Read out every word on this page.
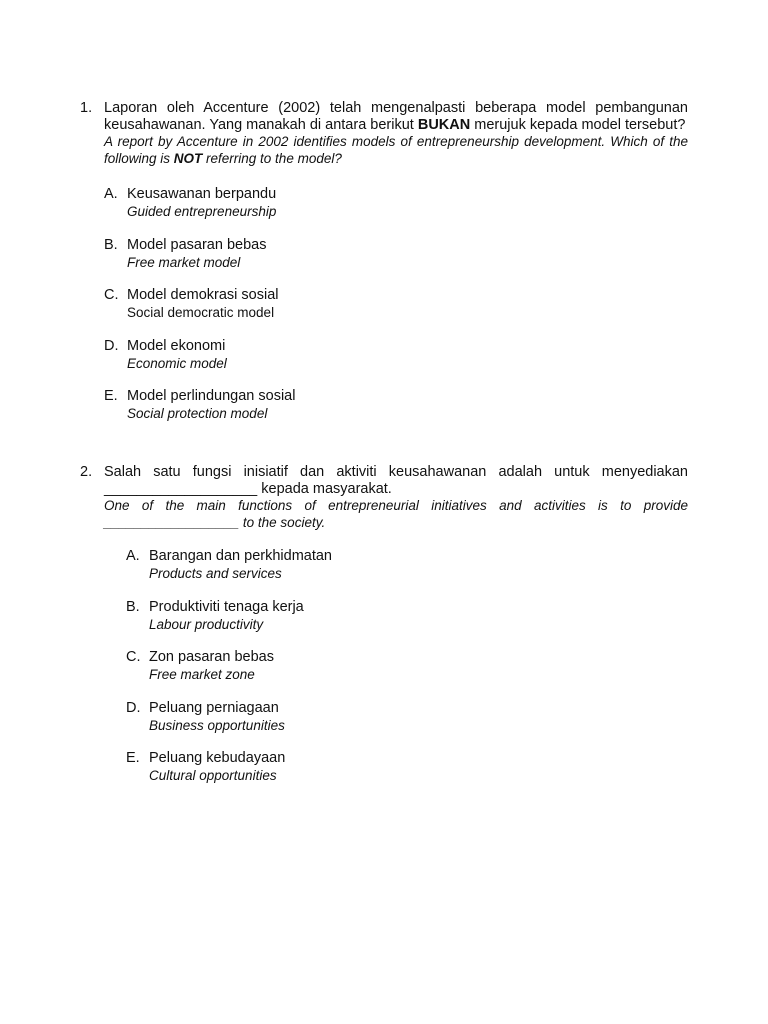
1. Laporan oleh Accenture (2002) telah mengenalpasti beberapa model pembangunan keusahawanan. Yang manakah di antara berikut BUKAN merujuk kepada model tersebut?
A report by Accenture in 2002 identifies models of entrepreneurship development. Which of the following is NOT referring to the model?
A. Keusawanan berpandu
Guided entrepreneurship
B. Model pasaran bebas
Free market model
C. Model demokrasi sosial
Social democratic model
D. Model ekonomi
Economic model
E. Model perlindungan sosial
Social protection model
2. Salah satu fungsi inisiatif dan aktiviti keusahawanan adalah untuk menyediakan
___________________ kepada masyarakat.
One of the main functions of entrepreneurial initiatives and activities is to provide
__________________ to the society.
A. Barangan dan perkhidmatan
Products and services
B. Produktiviti tenaga kerja
Labour productivity
C. Zon pasaran bebas
Free market zone
D. Peluang perniagaan
Business opportunities
E. Peluang kebudayaan
Cultural opportunities
